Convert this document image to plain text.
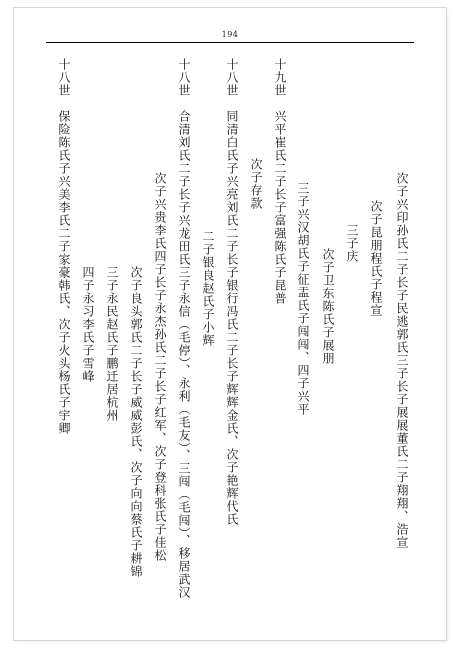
194
次子兴印孙氏二子长子民逃郭氏三子长子展展董氏二子翔翔、浩宣
次子昆朋程氏子程宣
三子庆
次子卫东陈氏子展朋
三子兴汉胡氏子征盂氏子闯闯、四子兴平
十九世　兴平崔氏二子长子富强陈氏子昆普
次子存款
十八世　同清白氏子兴亮刘氏二子长子银行冯氏二子长子辉辉金氏、次子艳辉代氏
二子银良赵氏子小辉
十八世　合清刘氏二子长子兴龙田氏三子永信（毛停）、永利（毛友）、三闯（毛闯）、移居武汉
次子兴贵李氏四子长子永杰孙氏二子长子红军、次子登科张氏子佳松
次子良头郭氏二子长子威威彭氏、次子向向蔡氏子耕锦
三子永民赵氏子鹏迁居杭州
四子永习李氏子雪峰
十八世　保险陈氏子兴美李氏二子家豪韩氏、次子火头杨氏子宇卿
